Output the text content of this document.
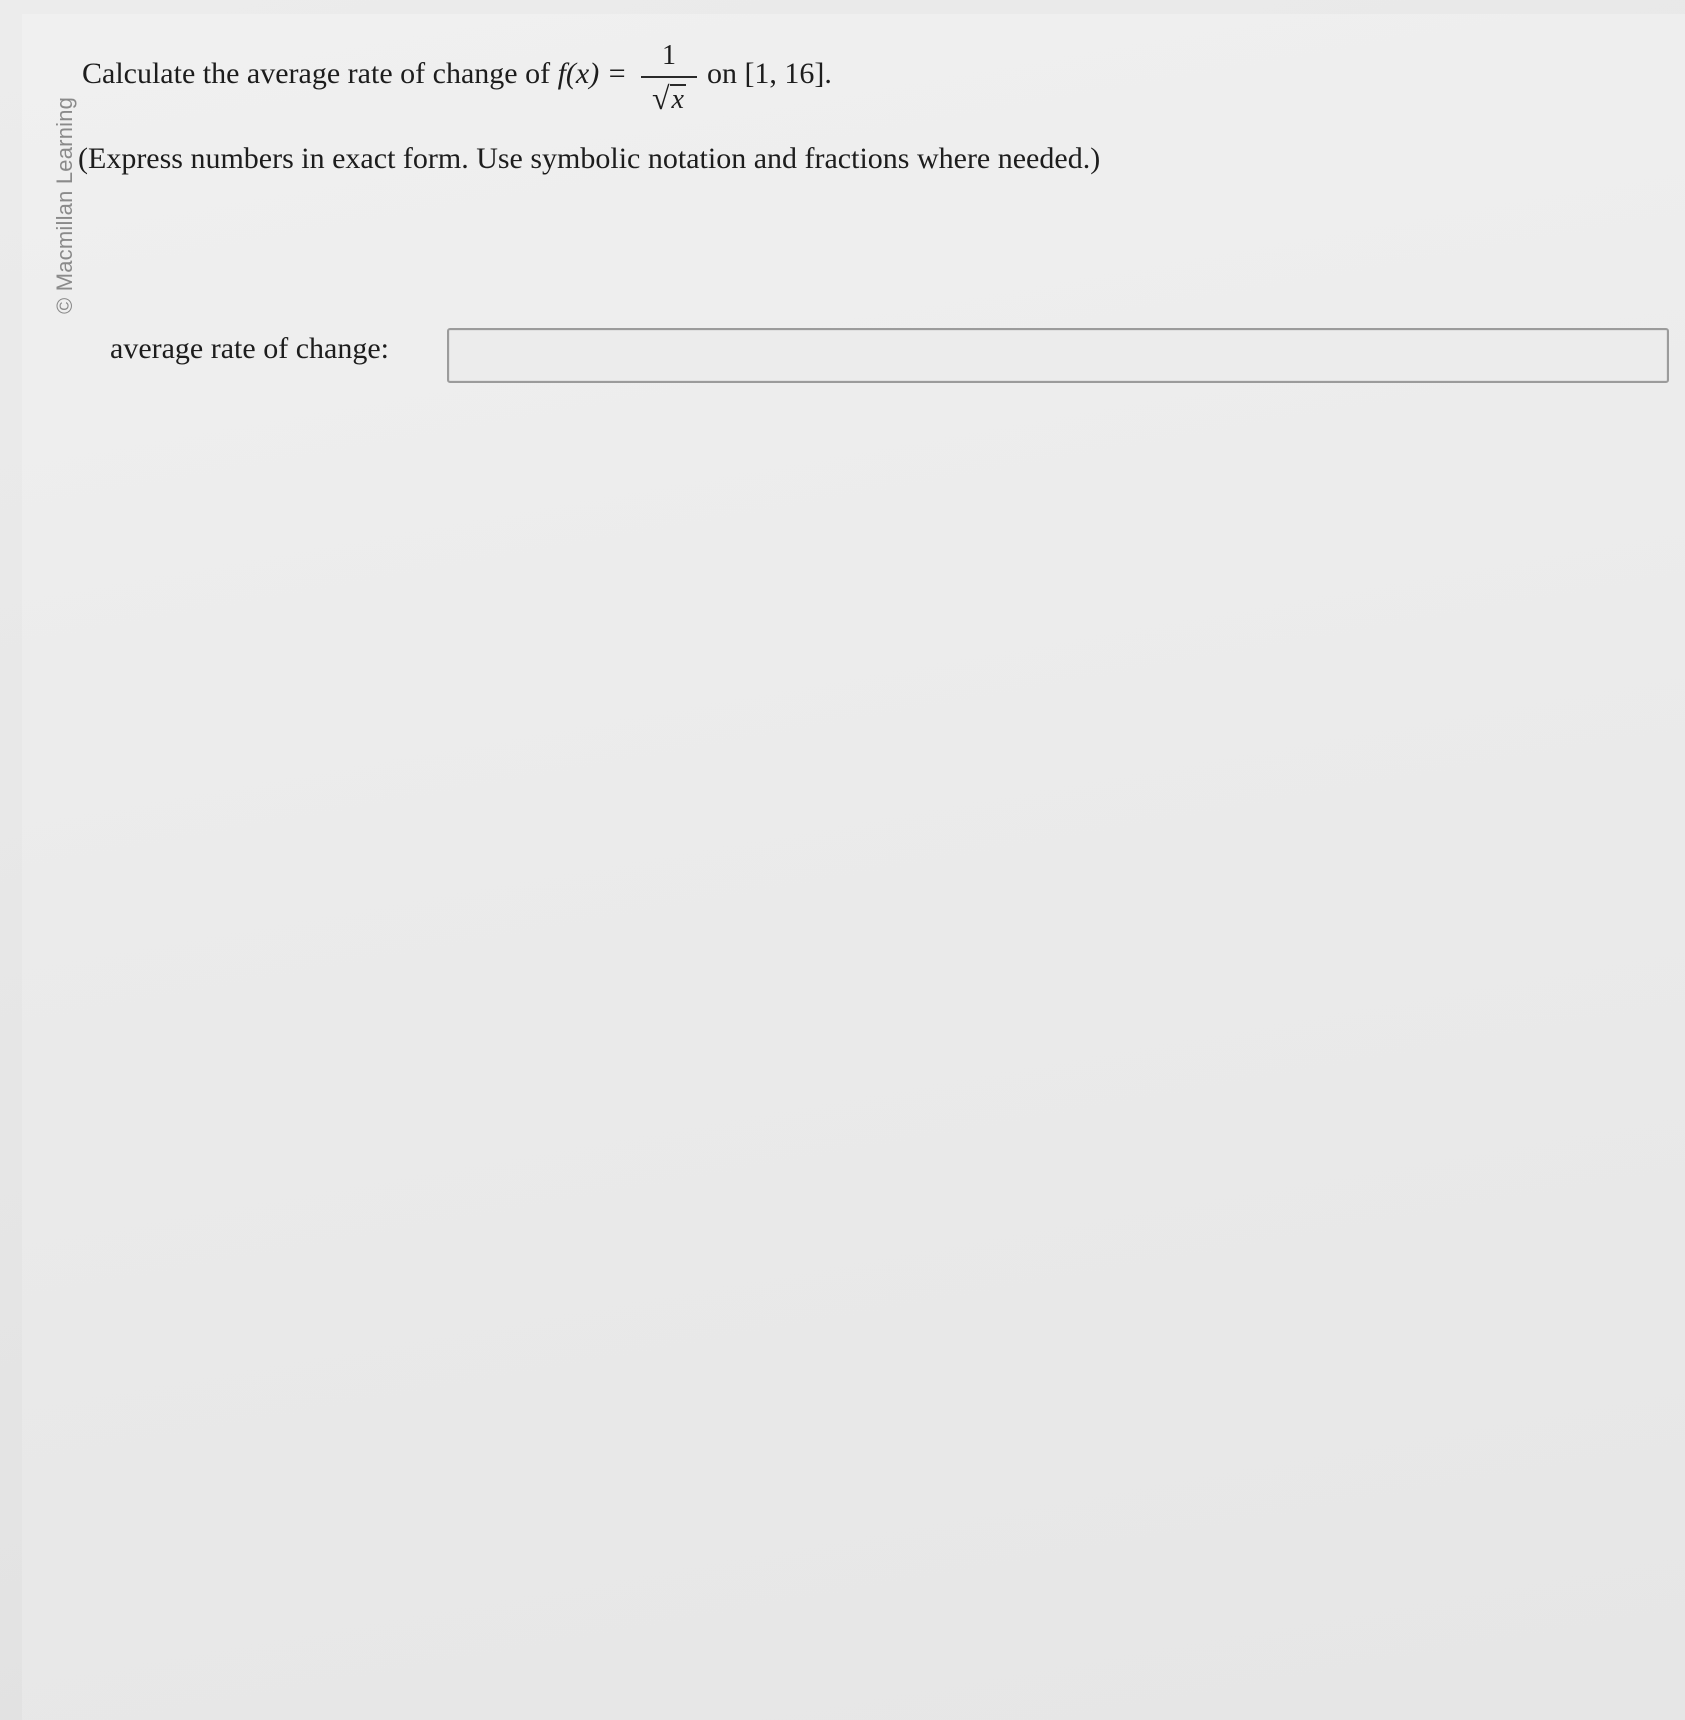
© Macmillan Learning
Calculate the average rate of change of
$f(x) = \frac{1}{√ x}$ on [1, 16].
(Express numbers in exact form. Use symbolic notation and fractions where needed.)
average rate of change:
